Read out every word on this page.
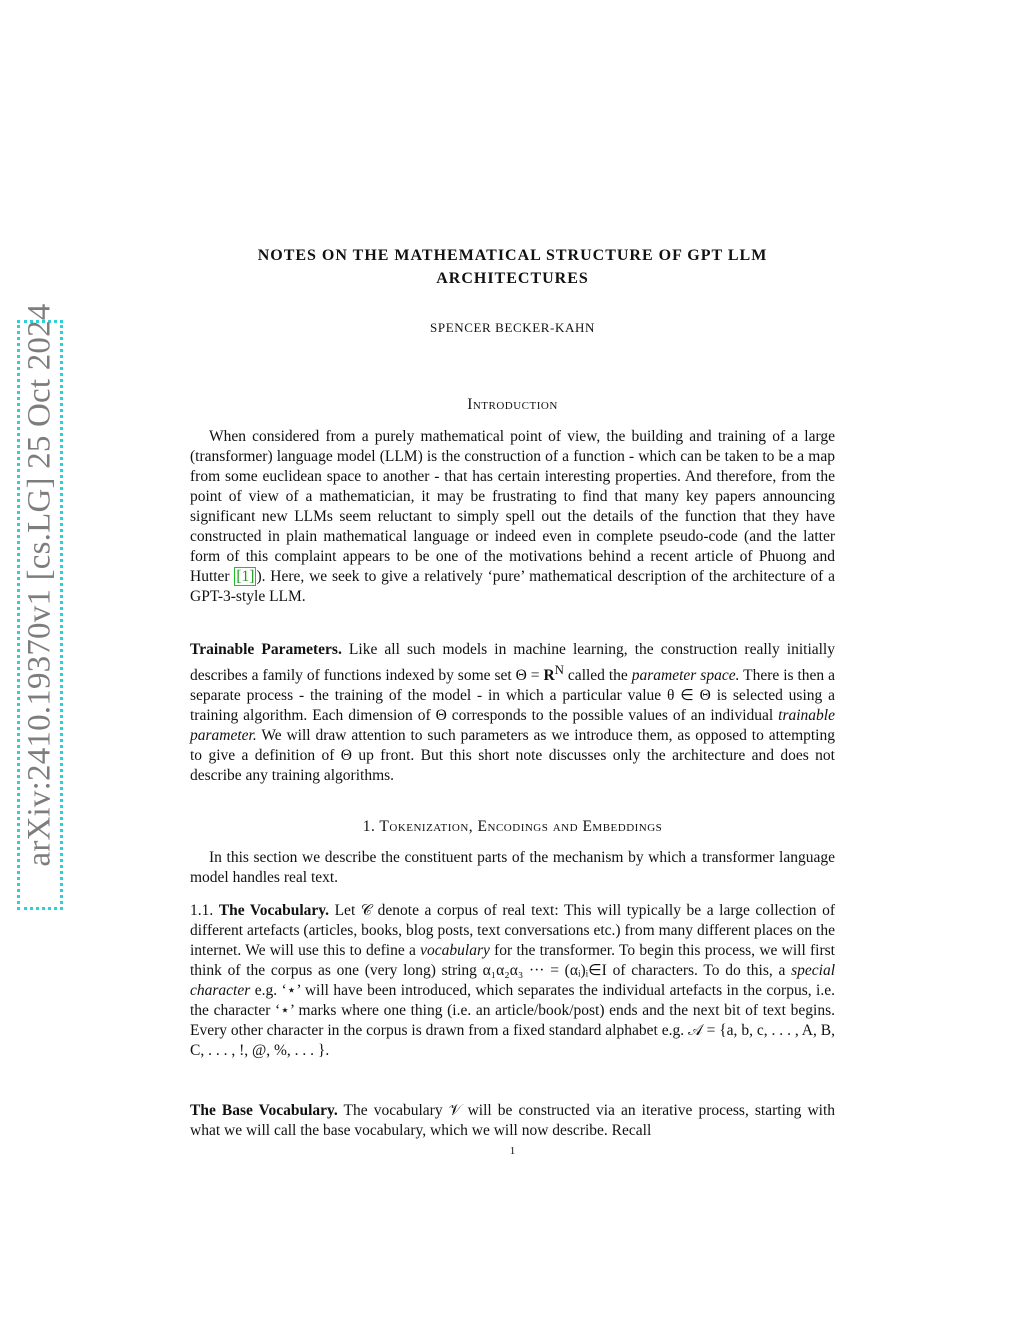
arXiv:2410.19370v1 [cs.LG] 25 Oct 2024
NOTES ON THE MATHEMATICAL STRUCTURE OF GPT LLM
ARCHITECTURES
SPENCER BECKER-KAHN
Introduction

When considered from a purely mathematical point of view, the building and training of a large (transformer) language model (LLM) is the construction of a function - which can be taken to be a map from some euclidean space to another - that has certain interesting properties. And therefore, from the point of view of a mathematician, it may be frustrating to find that many key papers announcing significant new LLMs seem reluctant to simply spell out the details of the function that they have constructed in plain mathematical language or indeed even in complete pseudo-code (and the latter form of this complaint appears to be one of the motivations behind a recent article of Phuong and Hutter [1] ). Here, we seek to give a relatively ‘pure’ mathematical description of the architecture of a GPT-3-style LLM.

Trainable Parameters. Like all such models in machine learning, the construction really initially describes a family of functions indexed by some set $\Theta = R^N$ called the parameter space. There is then a separate process - the training of the model - in which a particular value θ ∈ Θ is selected using a training algorithm. Each dimension of Θ corresponds to the possible values of an individual trainable parameter. We will draw attention to such parameters as we introduce them, as opposed to attempting to give a definition of Θ up front. But this short note discusses only the architecture and does not describe any training algorithms.

1. Tokenization, Encodings and Embeddings

In this section we describe the constituent parts of the mechanism by which a transformer language model handles real text.

1.1. The Vocabulary. Let 𝒞 denote a corpus of real text: This will typically be a large collection of different artefacts (articles, books, blog posts, text conversations etc.) from many different places on the internet. We will use this to define a vocabulary for the transformer. To begin this process, we will first think of the corpus as one (very long) string α₁α₂α₃ ··· = (αᵢ)ᵢ∈I of characters. To do this, a special character e.g. ‘⋆’ will have been introduced, which separates the individual artefacts in the corpus, i.e. the character ‘⋆’ marks where one thing (i.e. an article/book/post) ends and the next bit of text begins. Every other character in the corpus is drawn from a fixed standard alphabet e.g. 𝒜 = {a, b, c, . . . , A, B, C, . . . , !, @, %, . . . }.

The Base Vocabulary. The vocabulary 𝒱 will be constructed via an iterative process, starting with what we will call the base vocabulary, which we will now describe. Recall

1
